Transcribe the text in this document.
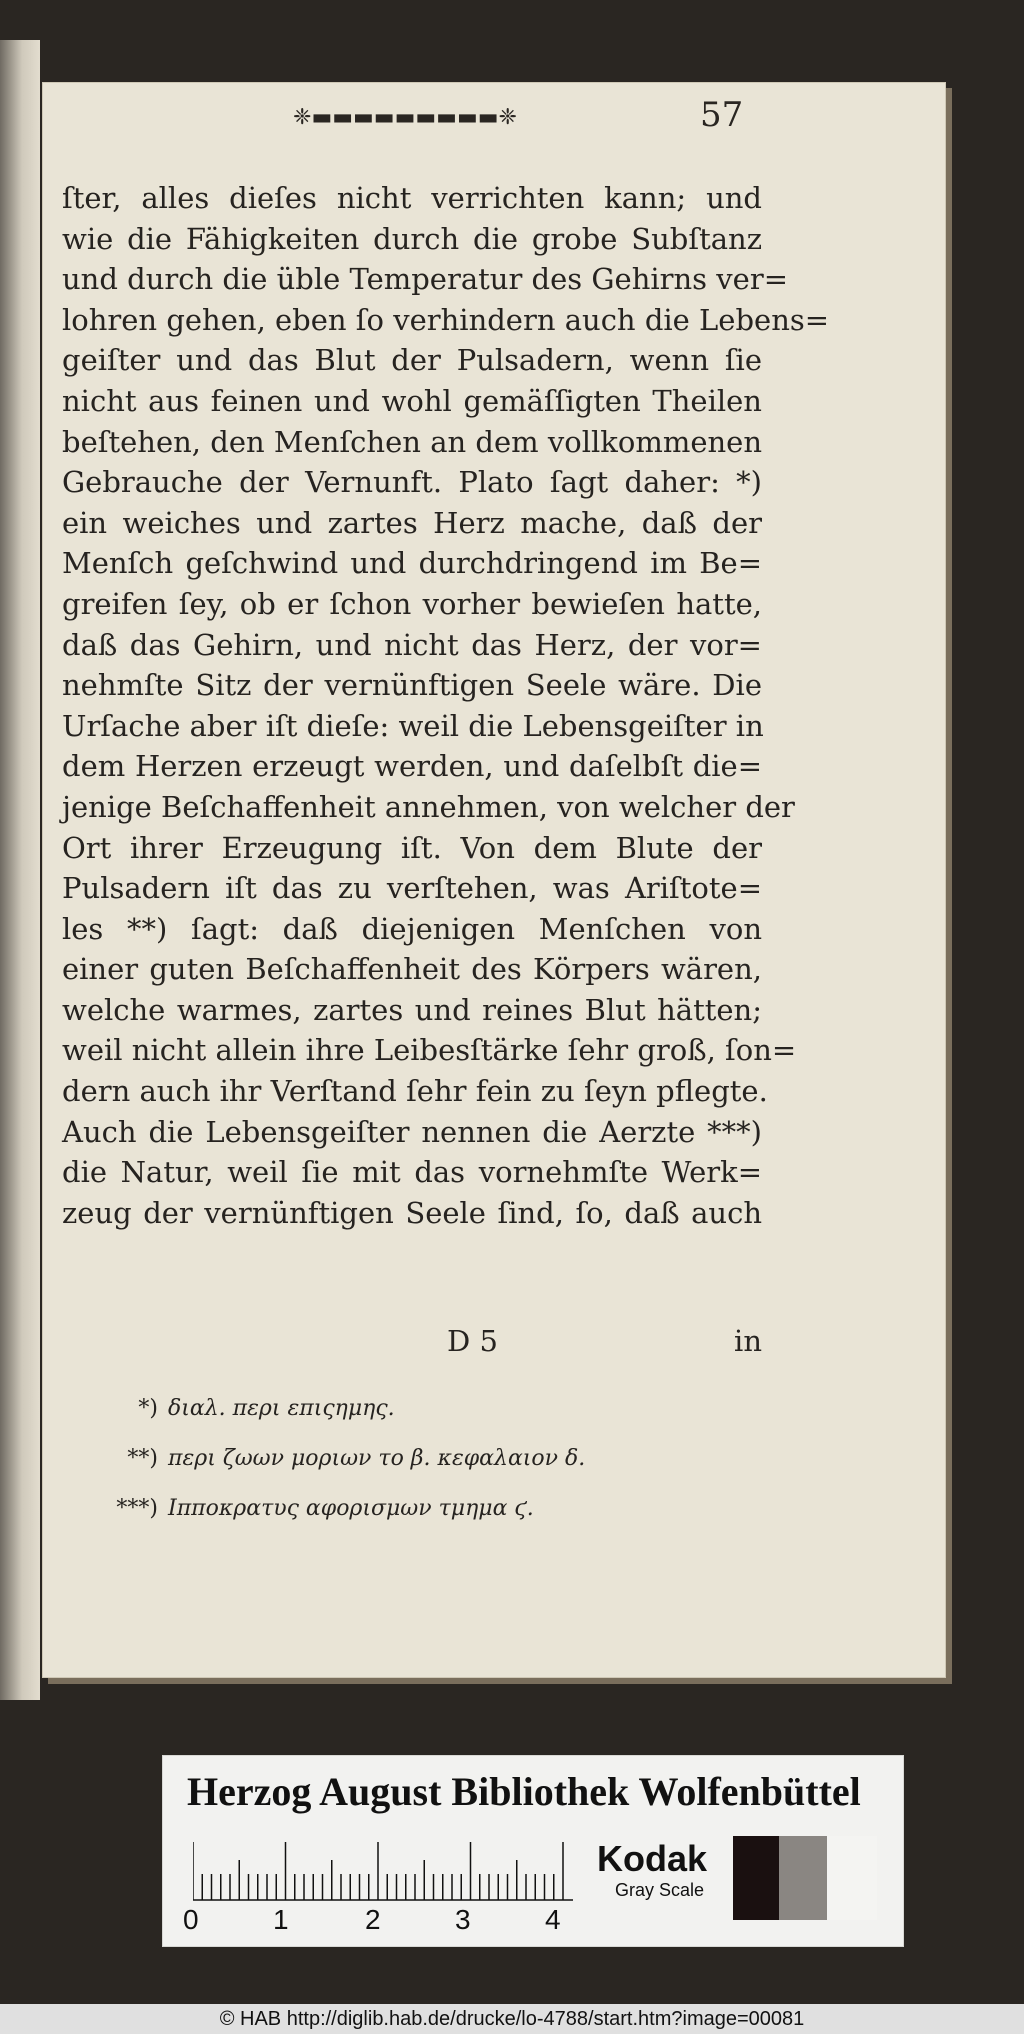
❈▬▬▬▬▬▬▬▬▬❈	57
ſter, alles dieſes nicht verrichten kann; und
wie die Fähigkeiten durch die grobe Subſtanz
und durch die üble Temperatur des Gehirns ver=
lohren gehen, eben ſo verhindern auch die Lebens=
geiſter und das Blut der Pulsadern, wenn ſie
nicht aus feinen und wohl gemäſſigten Theilen
beſtehen, den Menſchen an dem vollkommenen
Gebrauche der Vernunft. Plato ſagt daher: *)
ein weiches und zartes Herz mache, daß der
Menſch geſchwind und durchdringend im Be=
greifen ſey, ob er ſchon vorher bewieſen hatte,
daß das Gehirn, und nicht das Herz, der vor=
nehmſte Sitz der vernünftigen Seele wäre. Die
Urſache aber iſt dieſe: weil die Lebensgeiſter in
dem Herzen erzeugt werden, und daſelbſt die=
jenige Beſchaffenheit annehmen, von welcher der
Ort ihrer Erzeugung iſt. Von dem Blute der
Pulsadern iſt das zu verſtehen, was Ariſtote=
les **) ſagt: daß diejenigen Menſchen von
einer guten Beſchaffenheit des Körpers wären,
welche warmes, zartes und reines Blut hätten;
weil nicht allein ihre Leibesſtärke ſehr groß, ſon=
dern auch ihr Verſtand ſehr fein zu ſeyn pflegte.
Auch die Lebensgeiſter nennen die Aerzte ***)
die Natur, weil ſie mit das vornehmſte Werk=
zeug der vernünftigen Seele ſind, ſo, daß auch
D 5	in
*) διαλ. περι επιςημης.
**) περι ζωων μοριων το β. κεφαλαιον δ.
***) Ιπποκρατυς αφορισμων τμημα ϛ.
Herzog August Bibliothek Wolfenbüttel
0	1	2	3	4
Kodak
Gray Scale
© HAB http://diglib.hab.de/drucke/lo-4788/start.htm?image=00081
